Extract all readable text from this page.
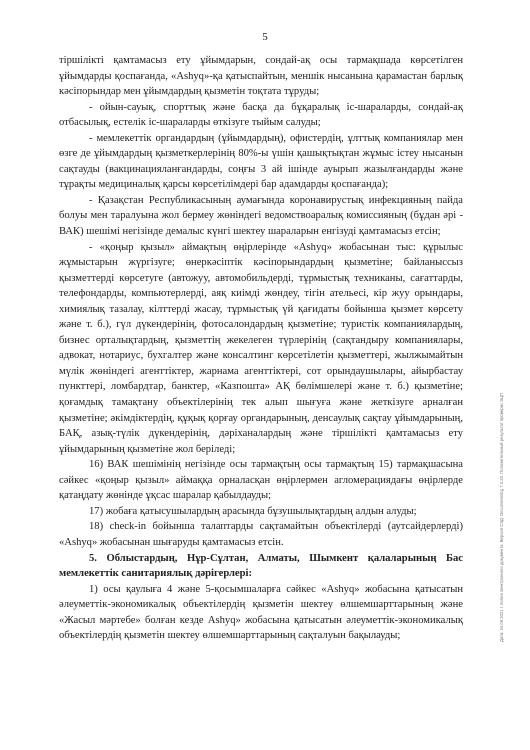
5

тіршілікті қамтамасыз ету ұйымдарын, сондай-ақ осы тармақшада көрсетілген ұйымдарды қоспағанда, «Ashyq»-қа қатыспайтын, меншік нысанына қарамастан барлық кәсіпорындар мен ұйымдардың қызметін тоқтата тұруды;

- ойын-сауық, спорттық және басқа да бұқаралық іс-шараларды, сондай-ақ отбасылық, естелік іс-шараларды өткізуге тыйым салуды;

- мемлекеттік органдардың (ұйымдардың), офистердің, ұлттық компаниялар мен өзге де ұйымдардың қызметкерлерінің 80%-ы үшін қашықтықтан жұмыс істеу нысанын сақтауды (вакцинацияланғандарды, соңғы 3 ай ішінде ауырып жазылғандарды және тұрақты медициналық қарсы көрсетілімдері бар адамдарды қоспағанда);

- Қазақстан Республикасының аумағында коронавирустық инфекцияның пайда болуы мен таралуына жол бермеу жөніндегі ведомствоаралық комиссияның (бұдан әрі - ВАК) шешімі негізінде демалыс күнгі шектеу шараларын енгізуді қамтамасыз етсін;

- «қоңыр қызыл» аймақтың өңірлерінде «Ashyq» жобасынан тыс: құрылыс жұмыстарын жүргізуге; өнеркәсіптік кәсіпорындардың қызметіне; байланыссыз қызметтерді көрсетуге (автожуу, автомобильдерді, тұрмыстық техниканы, сағаттарды, телефондарды, компьютерлерді, аяқ киімді жөндеу, тігін ательесі, кір жуу орындары, химиялық тазалау, кілттерді жасау, тұрмыстық үй қағидаты бойынша қызмет көрсету және т. б.), гүл дүкендерінің, фотосалондардың қызметіне; туристік компаниялардың, бизнес орталықтардың, қызметтің жекелеген түрлерінің (сақтандыру компаниялары, адвокат, нотариус, бухгалтер және консалтинг көрсетілетін қызметтері, жылжымайтын мүлік жөніндегі агенттіктер, жарнама агенттіктері, сот орындаушылары, айырбастау пункттері, ломбардтар, банктер, «Казпошта» АҚ бөлімшелері және т. б.) қызметіне; қоғамдық тамақтану объектілерінің тек алып шығуға және жеткізуге арналған қызметіне; әкімдіктердің, құқық қорғау органдарының, денсаулық сақтау ұйымдарының, БАҚ, азық-түлік дүкендерінің, дәріханалардың және тіршілікті қамтамасыз ету ұйымдарының қызметіне жол беріледі;

16) ВАК шешімінің негізінде осы тармақтың осы тармақтың 15) тармақшасына сәйкес «қоңыр қызыл» аймаққа орналасқан өңірлермен агломерациядағы өңірлерде қатаңдату жөнінде ұқсас шаралар қабылдауды;

17) жобаға қатысушылардың арасында бұзушылықтардың алдын алуды;

18) check-in бойынша талаптарды сақтамайтын объектілерді (аутсайдерлерді) «Ashyq» жобасынан шығаруды қамтамасыз етсін.

5. Облыстардың, Нұр-Сұлтан, Алматы, Шымкент қалаларының Бас мемлекеттік санитариялық дәрігерлері:

1) осы қаулыға 4 және 5-қосымшаларға сәйкес «Ashyq» жобасына қатысатын әлеуметтік-экономикалық объектілердің қызметін шектеу өлшемшарттарының және «Жасыл мәртебе» болған кезде Ashyq» жобасына қатысатын әлеуметтік-экономикалық объектілердің қызметін шектеу өлшемшарттарының сақталуын бақылауды;	Дата: 24.09.2021 г. Копия электронного документа. Версия СЭД: Documentolog 7.4.20. Положительный результат проверки ЭЦП
